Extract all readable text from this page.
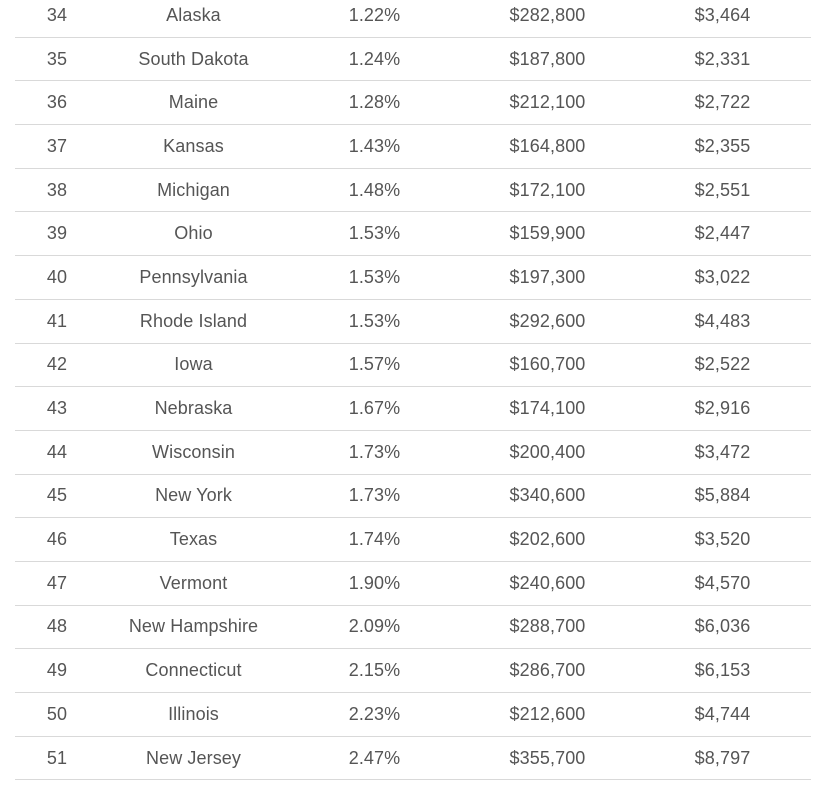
34	Alaska	1.22%	$282,800	$3,464
35	South Dakota	1.24%	$187,800	$2,331
36	Maine	1.28%	$212,100	$2,722
37	Kansas	1.43%	$164,800	$2,355
38	Michigan	1.48%	$172,100	$2,551
39	Ohio	1.53%	$159,900	$2,447
40	Pennsylvania	1.53%	$197,300	$3,022
41	Rhode Island	1.53%	$292,600	$4,483
42	Iowa	1.57%	$160,700	$2,522
43	Nebraska	1.67%	$174,100	$2,916
44	Wisconsin	1.73%	$200,400	$3,472
45	New York	1.73%	$340,600	$5,884
46	Texas	1.74%	$202,600	$3,520
47	Vermont	1.90%	$240,600	$4,570
48	New Hampshire	2.09%	$288,700	$6,036
49	Connecticut	2.15%	$286,700	$6,153
50	Illinois	2.23%	$212,600	$4,744
51	New Jersey	2.47%	$355,700	$8,797
